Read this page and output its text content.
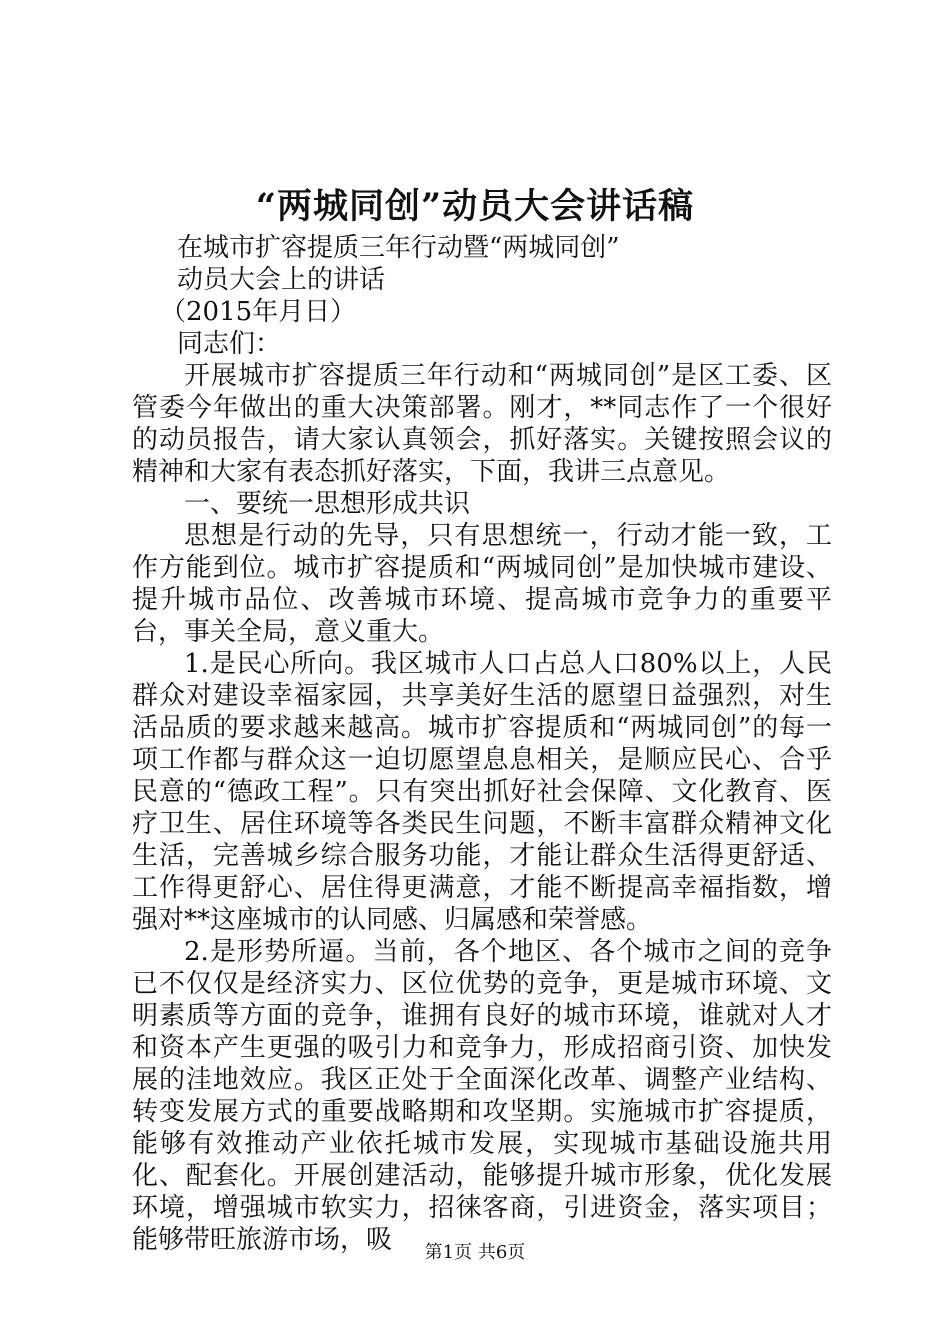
“两城同创”动员大会讲话稿
在城市扩容提质三年行动暨“两城同创”
动员大会上的讲话
（2015年月日）
同志们：

开展城市扩容提质三年行动和“两城同创”是区工委、区管委今年做出的重大决策部署。刚才，**同志作了一个很好的动员报告，请大家认真领会，抓好落实。关键按照会议的精神和大家有表态抓好落实，下面，我讲三点意见。

一、要统一思想形成共识

思想是行动的先导，只有思想统一，行动才能一致，工作方能到位。城市扩容提质和“两城同创”是加快城市建设、提升城市品位、改善城市环境、提高城市竞争力的重要平台，事关全局，意义重大。

1.是民心所向。我区城市人口占总人口80%以上，人民群众对建设幸福家园，共享美好生活的愿望日益强烈，对生活品质的要求越来越高。城市扩容提质和“两城同创”的每一项工作都与群众这一迫切愿望息息相关，是顺应民心、合乎民意的“德政工程”。只有突出抓好社会保障、文化教育、医疗卫生、居住环境等各类民生问题，不断丰富群众精神文化生活，完善城乡综合服务功能，才能让群众生活得更舒适、工作得更舒心、居住得更满意，才能不断提高幸福指数，增强对**这座城市的认同感、归属感和荣誉感。

2.是形势所逼。当前，各个地区、各个城市之间的竞争已不仅仅是经济实力、区位优势的竞争，更是城市环境、文明素质等方面的竞争，谁拥有良好的城市环境，谁就对人才和资本产生更强的吸引力和竞争力，形成招商引资、加快发展的洼地效应。我区正处于全面深化改革、调整产业结构、转变发展方式的重要战略期和攻坚期。实施城市扩容提质，能够有效推动产业依托城市发展，实现城市基础设施共用化、配套化。开展创建活动，能够提升城市形象，优化发展环境，增强城市软实力，招徕客商，引进资金，落实项目；能够带旺旅游市场，吸	第1页 共6页
